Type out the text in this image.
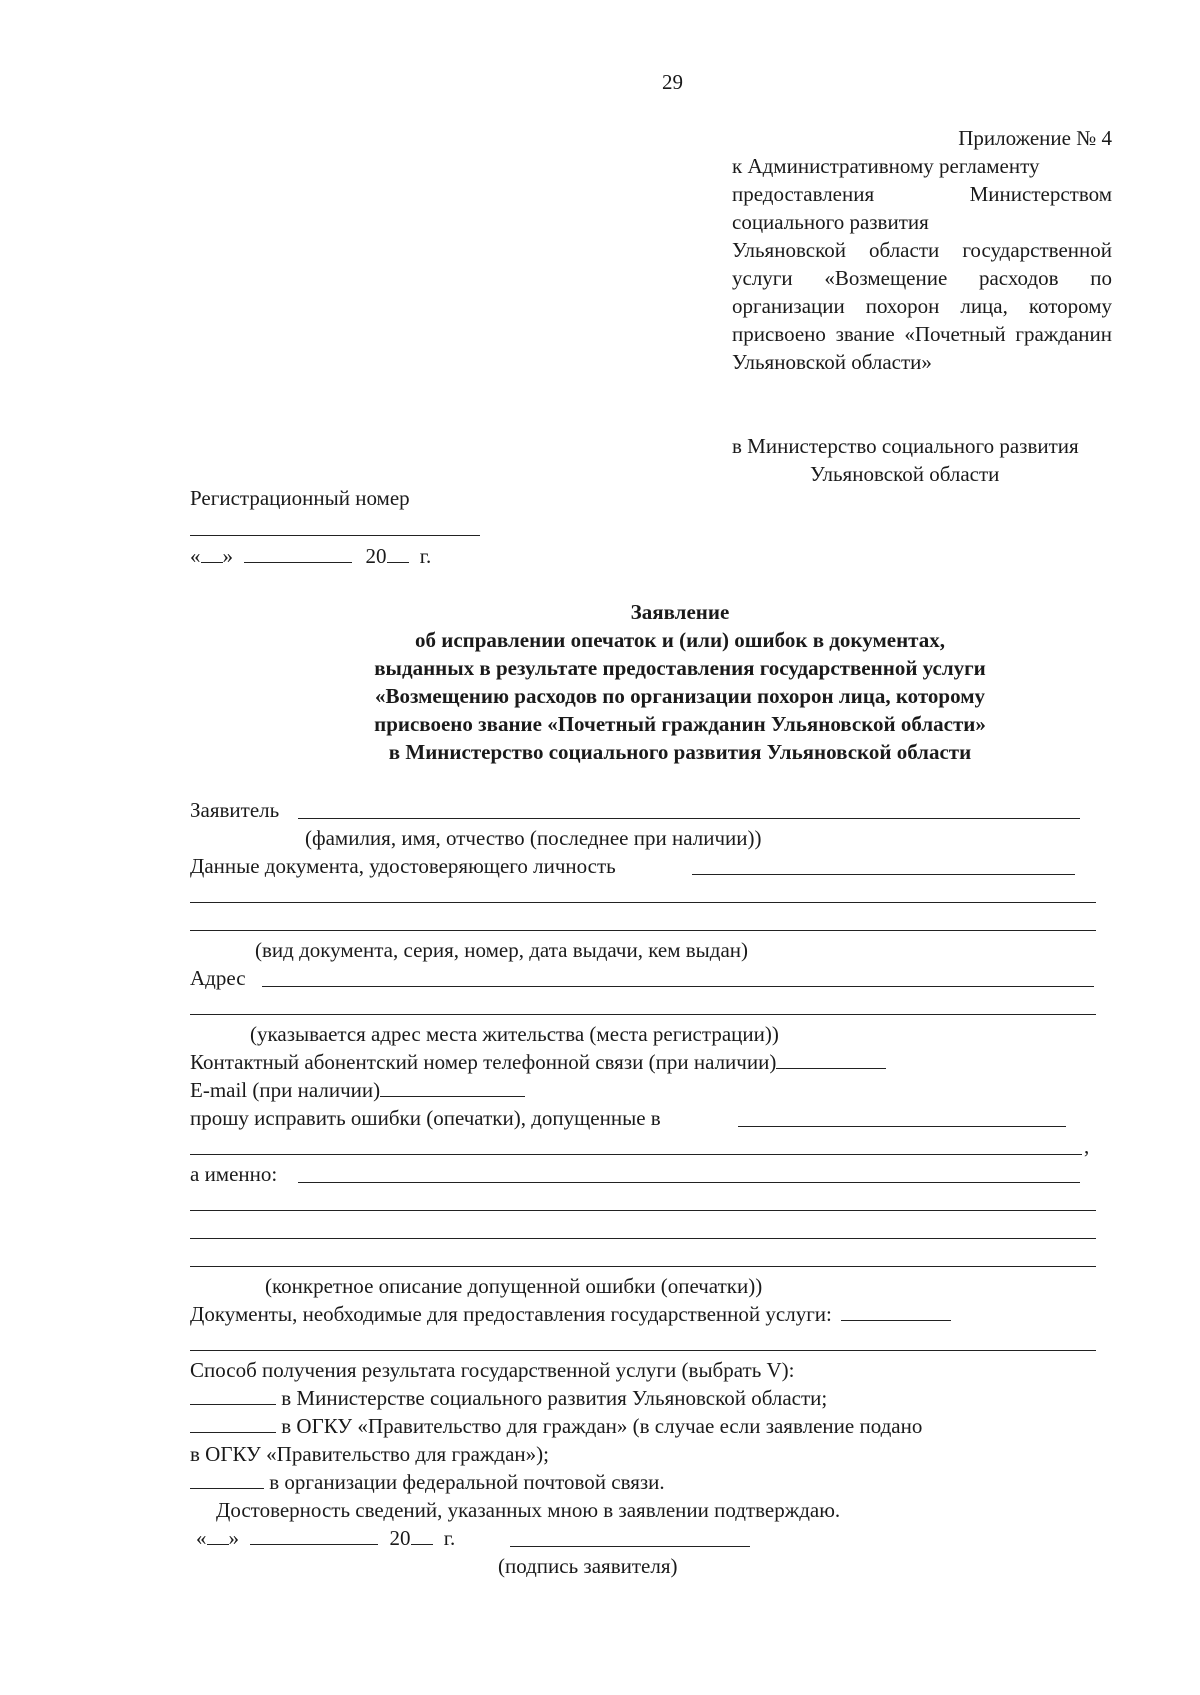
29
Приложение № 4
к Административному регламенту
предоставления Министерством
социального развития
Ульяновской области государственной
услуги «Возмещение расходов по
организации похорон лица, которому
присвоено звание «Почетный гражданин
Ульяновской области»
в Министерство социального развития
Ульяновской области
Регистрационный номер
« »	20 г.
Заявление
об исправлении опечаток и (или) ошибок в документах,
выданных в результате предоставления государственной услуги
«Возмещению расходов по организации похорон лица, которому
присвоено звание «Почетный гражданин Ульяновской области»
в Министерство социального развития Ульяновской области
Заявитель
(фамилия, имя, отчество (последнее при наличии))
Данные документа, удостоверяющего личность
(вид документа, серия, номер, дата выдачи, кем выдан)
Адрес
(указывается адрес места жительства (места регистрации))
Контактный абонентский номер телефонной связи (при наличии)
E-mail (при наличии)
прошу исправить ошибки (опечатки), допущенные в
,
а именно:
(конкретное описание допущенной ошибки (опечатки))
Документы, необходимые для предоставления государственной услуги:
Способ получения результата государственной услуги (выбрать V):
в Министерстве социального развития Ульяновской области;
в ОГКУ «Правительство для граждан» (в случае если заявление подано
в ОГКУ «Правительство для граждан»);
в организации федеральной почтовой связи.
Достоверность сведений, указанных мною в заявлении подтверждаю.
« »	20 г.
(подпись заявителя)
